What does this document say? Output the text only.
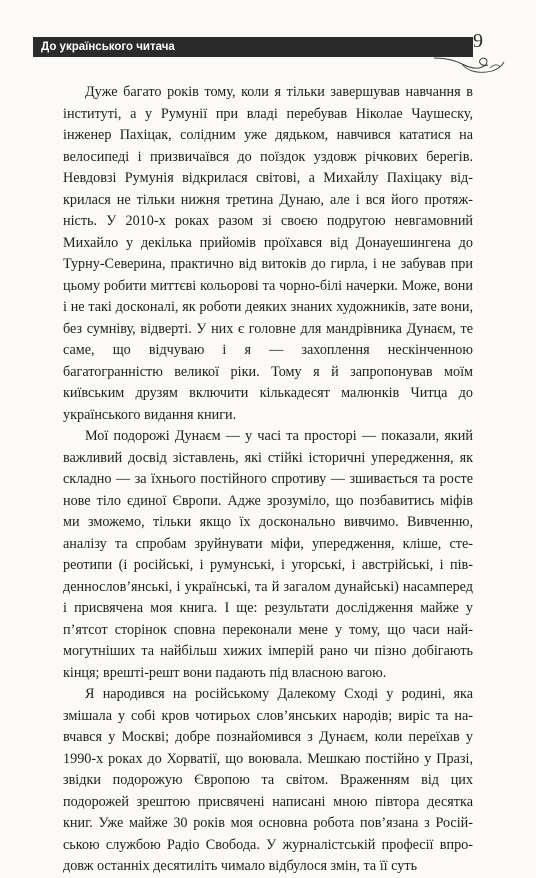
До українського читача	9

Дуже багато років тому, коли я тільки завершував навчання в інституті, а у Румунії при владі перебував Ніколае Чаушеску, інженер Пахіцак, солідним уже дядьком, навчився кататися на велосипеді і призвичаївся до поїздок уздовж річкових берегів. Невдовзі Румунія відкрилася світові, а Михайлу Пахіцаку відкрилася не тільки нижня третина Дунаю, але і вся його протяжність. У 2010-х роках разом зі своєю подругою невгамовний Михайло у декілька прийомів проїхався від Донауешингена до Турну-Северина, практично від витоків до гирла, і не забував при цьому робити миттєві кольорові та чорно-білі начерки. Може, вони і не такі досконалі, як роботи деяких знаних художників, зате вони, без сумніву, відверті. У них є головне для мандрівника Дунаєм, те саме, що відчуваю і я — захоплення нескінченною багатогранністю великої ріки. Тому я й запропонував моїм київським друзям включити кількадесят малюнків Читца до українського видання книги.

Мої подорожі Дунаєм — у часі та просторі — показали, який важливий досвід зіставлень, які стійкі історичні упередження, як складно — за їхнього постійного спротиву — зшивається та росте нове тіло єдиної Європи. Адже зрозуміло, що позбавитись міфів ми зможемо, тільки якщо їх досконально вивчимо. Вивченню, аналізу та спробам зруйнувати міфи, упередження, кліше, стереотипи (і російські, і румунські, і угорські, і австрійські, і південнослов’янські, і українські, та й загалом дунайські) насамперед і присвячена моя книга. І ще: результати дослідження майже у п’ятсот сторінок сповна переконали мене у тому, що часи наймогутніших та найбільш хижих імперій рано чи пізно добігають кінця; врешті-решт вони падають під власною вагою.

Я народився на російському Далекому Сході у родині, яка змішала у собі кров чотирьох слов’янських народів; виріс та навчався у Москві; добре познайомився з Дунаєм, коли переїхав у 1990-х роках до Хорватії, що воювала. Мешкаю постійно у Празі, звідки подорожую Європою та світом. Враженням від цих подорожей зрештою присвячені написані мною півтора десятка книг. Уже майже 30 років моя основна робота пов’язана з Російською службою Радіо Свобода. У журналістській професії впродовж останніх десятиліть чимало відбулося змін, та її суть
